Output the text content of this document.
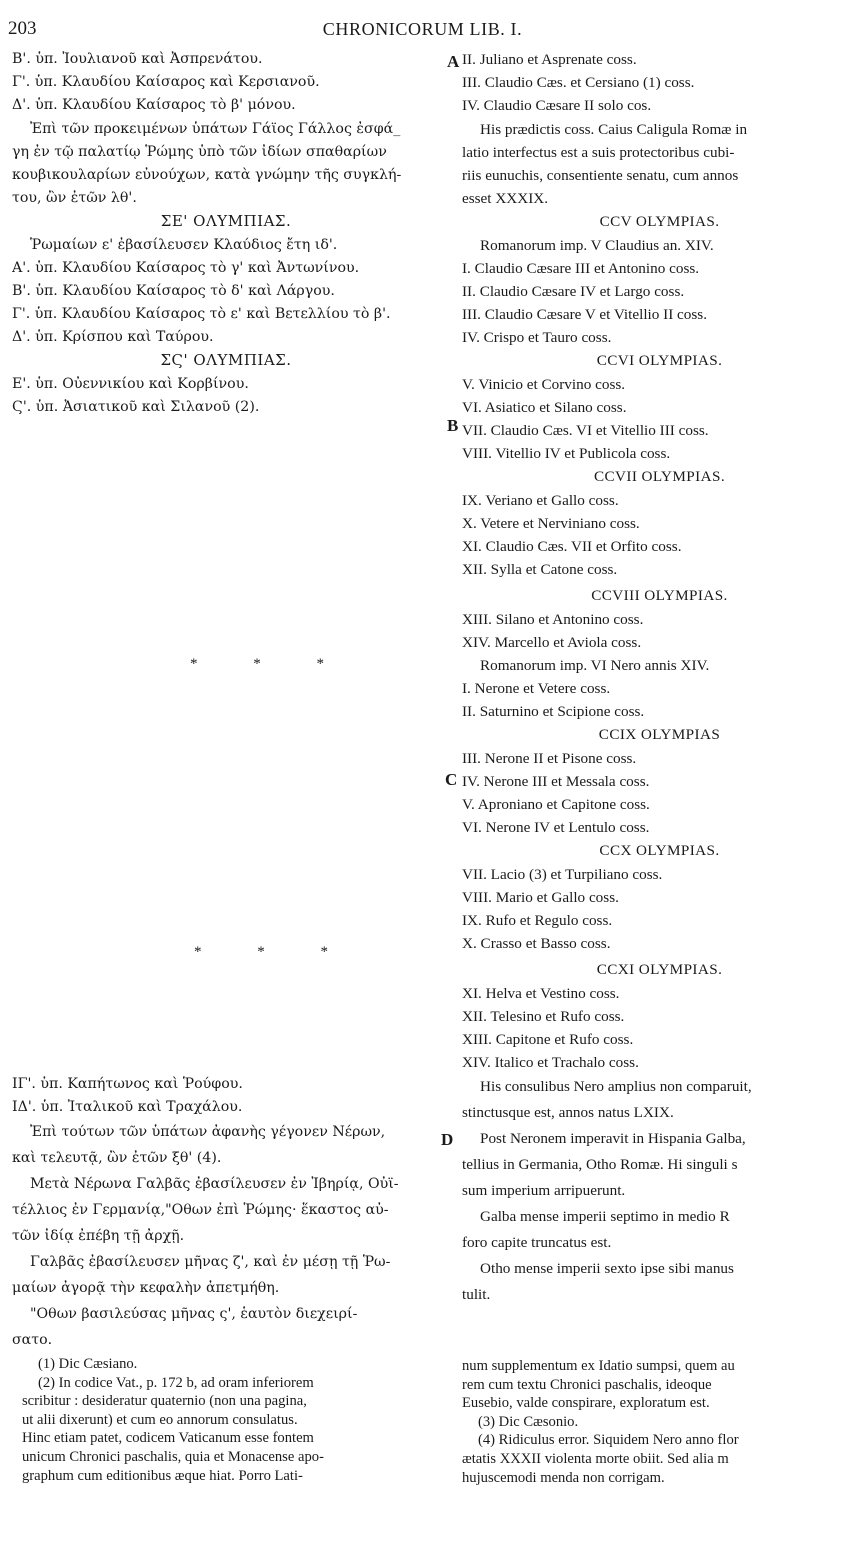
203	CHRONICORUM LIB. I.
A
B
C
D
Β'. ὑπ. Ἰουλιανοῦ καὶ Ἀσπρενάτου.
Γ'. ὑπ. Κλαυδίου Καίσαρος καὶ Κερσιανοῦ.
Δ'. ὑπ. Κλαυδίου Καίσαρος τὸ β' μόνου.
Ἐπὶ τῶν προκειμένων ὑπάτων Γάϊος Γάλλος ἐσφά_
γη ἐν τῷ παλατίῳ Ῥώμης ὑπὸ τῶν ἰδίων σπαθαρίων
κουβικουλαρίων εὐνούχων, κατὰ γνώμην τῆς συγκλή-
του, ὢν ἐτῶν λθ'.
ΣΕ' ΟΛΥΜΠΙΑΣ.
Ῥωμαίων ε' ἐβασίλευσεν Κλαύδιος ἔτη ιδ'.
Α'. ὑπ. Κλαυδίου Καίσαρος τὸ γ' καὶ Ἀντωνίνου.
Β'. ὑπ. Κλαυδίου Καίσαρος τὸ δ' καὶ Λάργου.
Γ'. ὑπ. Κλαυδίου Καίσαρος τὸ ε' καὶ Βετελλίου τὸ β'.
Δ'. ὑπ. Κρίσπου καὶ Ταύρου.
ΣϚ' ΟΛΥΜΠΙΑΣ.
Ε'. ὑπ. Οὐεννικίου καὶ Κορβίνου.
Ϛ'. ὑπ. Ἀσιατικοῦ καὶ Σιλανοῦ (2).
* * *
* * *
ΙΓ'. ὑπ. Καπήτωνος καὶ Ῥούφου.
ΙΔ'. ὑπ. Ἰταλικοῦ καὶ Τραχάλου.
Ἐπὶ τούτων τῶν ὑπάτων ἀφανὴς γέγονεν Νέρων,
καὶ τελευτᾷ, ὢν ἐτῶν ξθ' (4).
Μετὰ Νέρωνα Γαλβᾶς ἐβασίλευσεν ἐν Ἰβηρίᾳ, Οὐϊ-
τέλλιος ἐν Γερμανίᾳ,"Οθων ἐπὶ Ῥώμης· ἕκαστος αὐ-
τῶν ἰδίᾳ ἐπέβη τῇ ἀρχῇ.
Γαλβᾶς ἐβασίλευσεν μῆνας ζ', καὶ ἐν μέσῃ τῇ Ῥω-
μαίων ἀγορᾷ τὴν κεφαλὴν ἀπετμήθη.
"Οθων βασιλεύσας μῆνας ς', ἑαυτὸν διεχειρί-
σατο.
II. Juliano et Asprenate coss.
III. Claudio Cæs. et Cersiano (1) coss.
IV. Claudio Cæsare II solo cos.
His prædictis coss. Caius Caligula Romæ in
latio interfectus est a suis protectoribus cubi-
riis eunuchis, consentiente senatu, cum annos
esset XXXIX.
CCV OLYMPIAS.
Romanorum imp. V Claudius an. XIV.
I. Claudio Cæsare III et Antonino coss.
II. Claudio Cæsare IV et Largo coss.
III. Claudio Cæsare V et Vitellio II coss.
IV. Crispo et Tauro coss.
CCVI OLYMPIAS.
V. Vinicio et Corvino coss.
VI. Asiatico et Silano coss.
VII. Claudio Cæs. VI et Vitellio III coss.
VIII. Vitellio IV et Publicola coss.
CCVII OLYMPIAS.
IX. Veriano et Gallo coss.
X. Vetere et Nerviniano coss.
XI. Claudio Cæs. VII et Orfito coss.
XII. Sylla et Catone coss.
CCVIII OLYMPIAS.
XIII. Silano et Antonino coss.
XIV. Marcello et Aviola coss.
Romanorum imp. VI Nero annis XIV.
I. Nerone et Vetere coss.
II. Saturnino et Scipione coss.
CCIX OLYMPIAS
III. Nerone II et Pisone coss.
IV. Nerone III et Messala coss.
V. Aproniano et Capitone coss.
VI. Nerone IV et Lentulo coss.
CCX OLYMPIAS.
VII. Lacio (3) et Turpiliano coss.
VIII. Mario et Gallo coss.
IX. Rufo et Regulo coss.
X. Crasso et Basso coss.
CCXI OLYMPIAS.
XI. Helva et Vestino coss.
XII. Telesino et Rufo coss.
XIII. Capitone et Rufo coss.
XIV. Italico et Trachalo coss.
His consulibus Nero amplius non comparuit,
stinctusque est, annos natus LXIX.
Post Neronem imperavit in Hispania Galba,
tellius in Germania, Otho Romæ. Hi singuli s
sum imperium arripuerunt.
Galba mense imperii septimo in medio R
foro capite truncatus est.
Otho mense imperii sexto ipse sibi manus
tulit.
(1) Dic Cæsiano.
(2) In codice Vat., p. 172 b, ad oram inferiorem
scribitur : desideratur quaternio (non una pagina,
ut alii dixerunt) et cum eo annorum consulatus.
Hinc etiam patet, codicem Vaticanum esse fontem
unicum Chronici paschalis, quia et Monacense apo-
graphum cum editionibus æque hiat. Porro Lati-
num supplementum ex Idatio sumpsi, quem au
rem cum textu Chronici paschalis, ideoque
Eusebio, valde conspirare, exploratum est.
(3) Dic Cæsonio.
(4) Ridiculus error. Siquidem Nero anno flor
ætatis XXXII violenta morte obiit. Sed alia m
hujuscemodi menda non corrigam.
